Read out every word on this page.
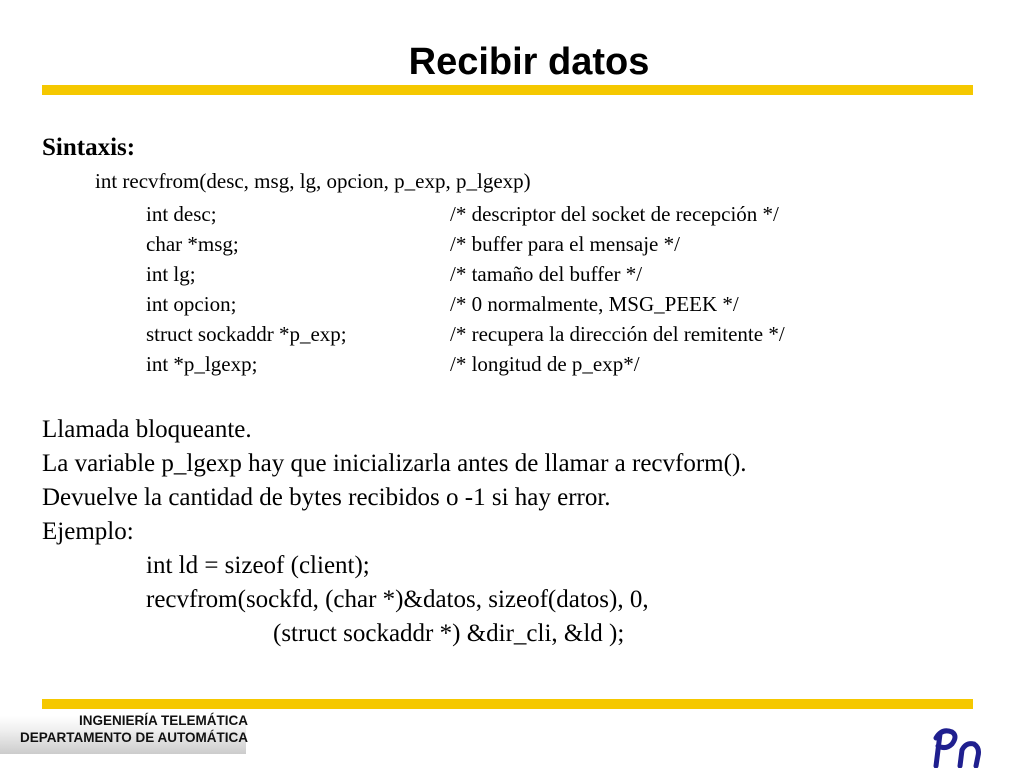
Recibir datos
Sintaxis:
int recvfrom(desc, msg, lg, opcion, p_exp, p_lgexp)
int desc;	/* descriptor del socket de recepción */
char *msg;	/* buffer para el mensaje */
int lg;	/* tamaño del buffer */
int opcion;	/* 0 normalmente, MSG_PEEK */
struct sockaddr *p_exp;	/* recupera la dirección del remitente */
int *p_lgexp;	/* longitud de p_exp*/
Llamada bloqueante.
La variable p_lgexp hay que inicializarla antes de llamar a recvform().
Devuelve la cantidad de bytes recibidos o -1 si hay error.
Ejemplo:
int ld = sizeof (client);
recvfrom(sockfd, (char *)&datos, sizeof(datos), 0,
(struct sockaddr *) &dir_cli, &ld );
INGENIERÍA TELEMÁTICA
DEPARTAMENTO DE AUTOMÁTICA
